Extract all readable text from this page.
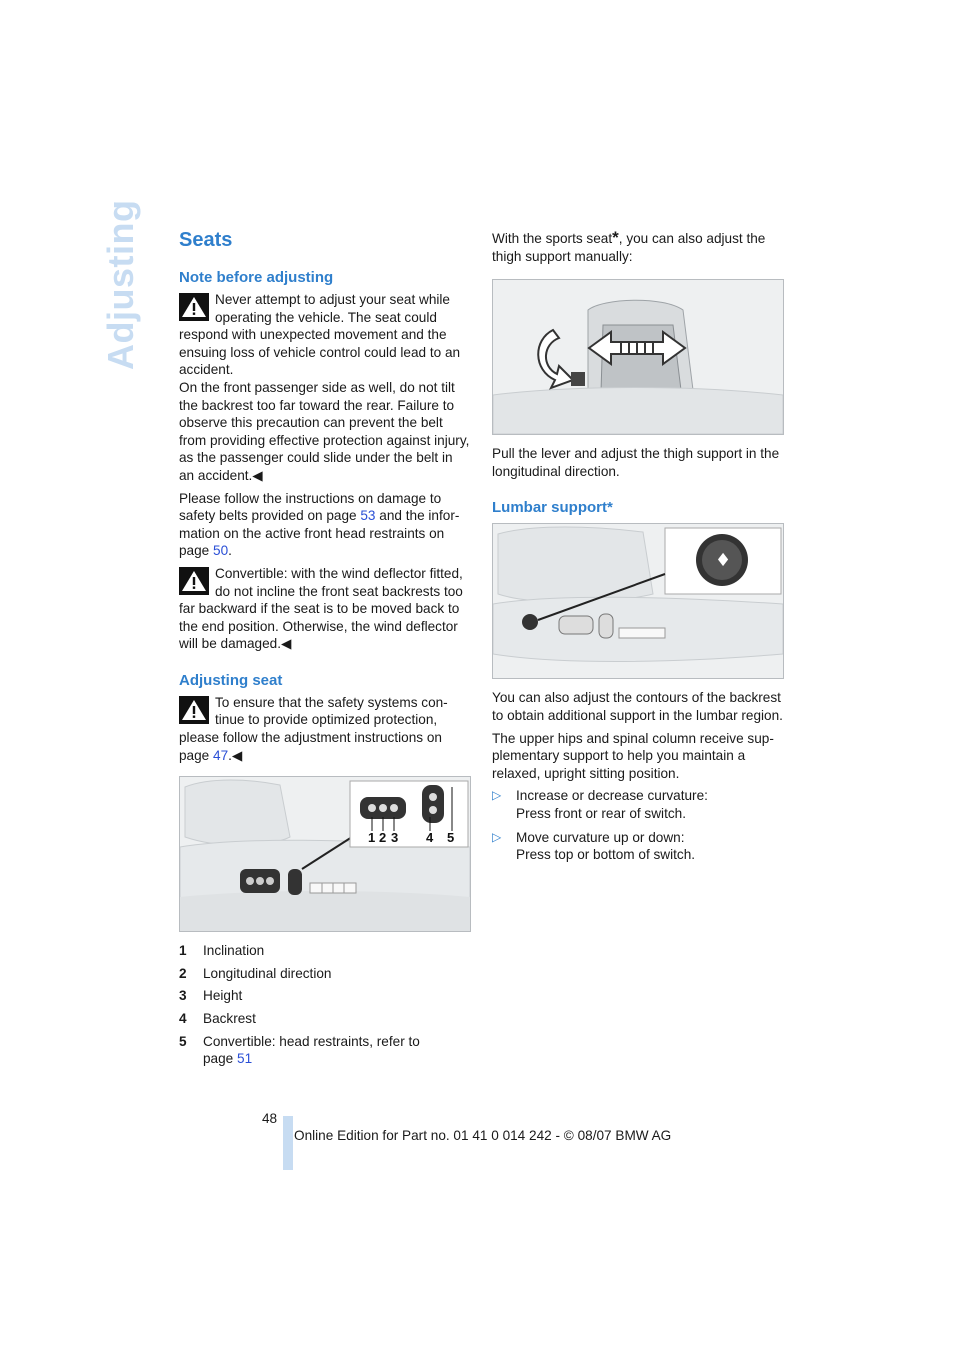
Adjusting Seats
Note before adjusting

Never attempt to adjust your seat while operating the vehicle. The seat could respond with unexpected movement and the ensuing loss of vehicle control could lead to an accident.

On the front passenger side as well, do not tilt the backrest too far toward the rear. Failure to observe this precaution can prevent the belt from providing effective protection against injury, as the passenger could slide under the belt in an accident.◀

Please follow the instructions on damage to safety belts provided on page 53 and the infor-mation on the active front head restraints on page 50.

Convertible: with the wind deflector fitted, do not incline the front seat backrests too far backward if the seat is to be moved back to the end position. Otherwise, the wind deflector will be damaged.◀

Adjusting seat

To ensure that the safety systems con-tinue to provide optimized protection, please follow the adjustment instructions on page 47.◀

1 2 3 4 5
1	Inclination
2	Longitudinal direction
3	Height
4	Backrest
5	Convertible: head restraints, refer to page 51

With the sports seat*, you can also adjust the thigh support manually:

Pull the lever and adjust the thigh support in the longitudinal direction.

Lumbar support*
♦

You can also adjust the contours of the backrest to obtain additional support in the lumbar region.

The upper hips and spinal column receive sup-plementary support to help you maintain a relaxed, upright sitting position.

▷	Increase or decrease curvature:
Press front or rear of switch.
▷	Move curvature up or down:
Press top or bottom of switch.
48
Online Edition for Part no. 01 41 0 014 242 - © 08/07 BMW AG
